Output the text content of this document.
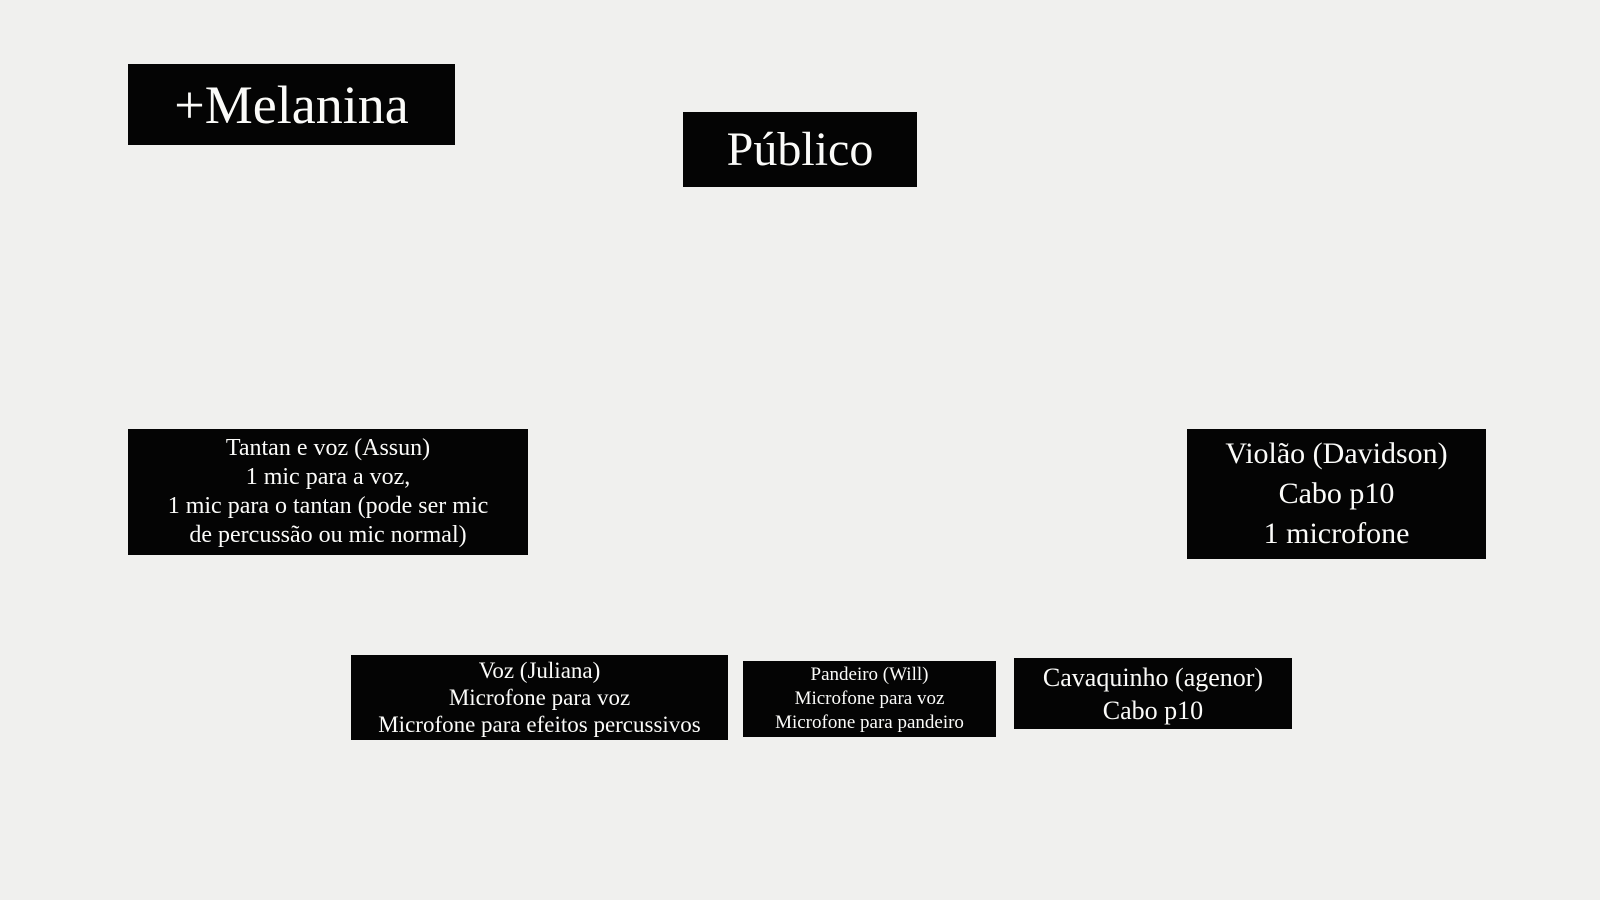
+Melanina
Público
Tantan e voz (Assun)
1 mic para a voz,
1 mic para o tantan (pode ser mic
de percussão ou mic normal)
Violão (Davidson)
Cabo p10
1 microfone
Voz (Juliana)
Microfone para voz
Microfone para efeitos percussivos
Pandeiro (Will)
Microfone para voz
Microfone para pandeiro
Cavaquinho (agenor)
Cabo p10
